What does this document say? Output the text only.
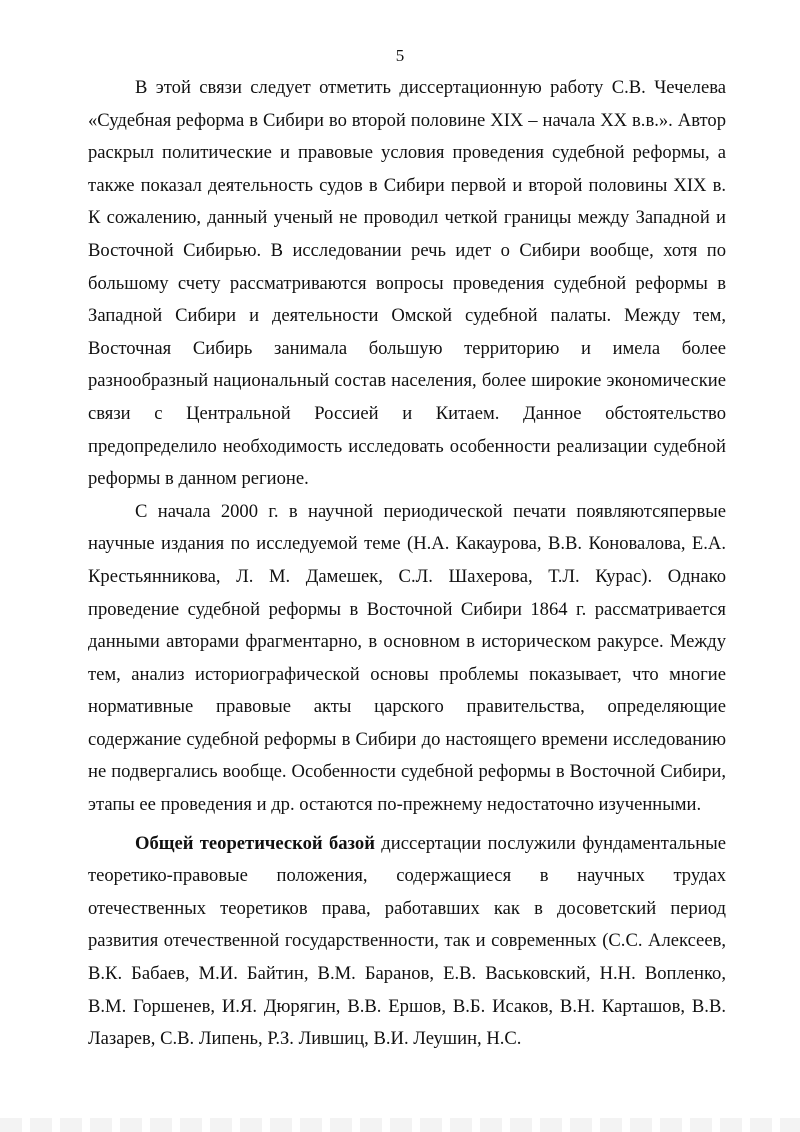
5

В этой связи следует отметить диссертационную работу С.В. Чечелева «Судебная реформа в Сибири во второй половине XIX – начала XX в.в.». Автор раскрыл политические и правовые условия проведения судебной реформы, а также показал деятельность судов в Сибири первой и второй половины XIX в. К сожалению, данный ученый не проводил четкой границы между Западной и Восточной Сибирью. В исследовании речь идет о Сибири вообще, хотя по большому счету рассматриваются вопросы проведения судебной реформы в Западной Сибири и деятельности Омской судебной палаты. Между тем, Восточная Сибирь занимала большую территорию и имела более разнообразный национальный состав населения, более широкие экономические связи с Центральной Россией и Китаем. Данное обстоятельство предопределило необходимость исследовать особенности реализации судебной реформы в данном регионе.

С начала 2000 г. в научной периодической печати появляютсяпервые научные издания по исследуемой теме (Н.А. Какаурова, В.В. Коновалова, Е.А. Крестьянникова, Л. М. Дамешек, С.Л. Шахерова, Т.Л. Курас). Однако проведение судебной реформы в Восточной Сибири 1864 г. рассматривается данными авторами фрагментарно, в основном в историческом ракурсе. Между тем, анализ историографической основы проблемы показывает, что многие нормативные правовые акты царского правительства, определяющие содержание судебной реформы в Сибири до настоящего времени исследованию не подвергались вообще. Особенности судебной реформы в Восточной Сибири, этапы ее проведения и др. остаются по-прежнему недостаточно изученными.

Общей теоретической базой диссертации послужили фундаментальные теоретико-правовые положения, содержащиеся в научных трудах отечественных теоретиков права, работавших как в досоветский период развития отечественной государственности, так и современных (С.С. Алексеев, В.К. Бабаев, М.И. Байтин, В.М. Баранов, Е.В. Васьковский, Н.Н. Вопленко, В.М. Горшенев, И.Я. Дюрягин, В.В. Ершов, В.Б. Исаков, В.Н. Карташов, В.В. Лазарев, С.В. Липень, Р.З. Лившиц, В.И. Леушин, Н.С.
